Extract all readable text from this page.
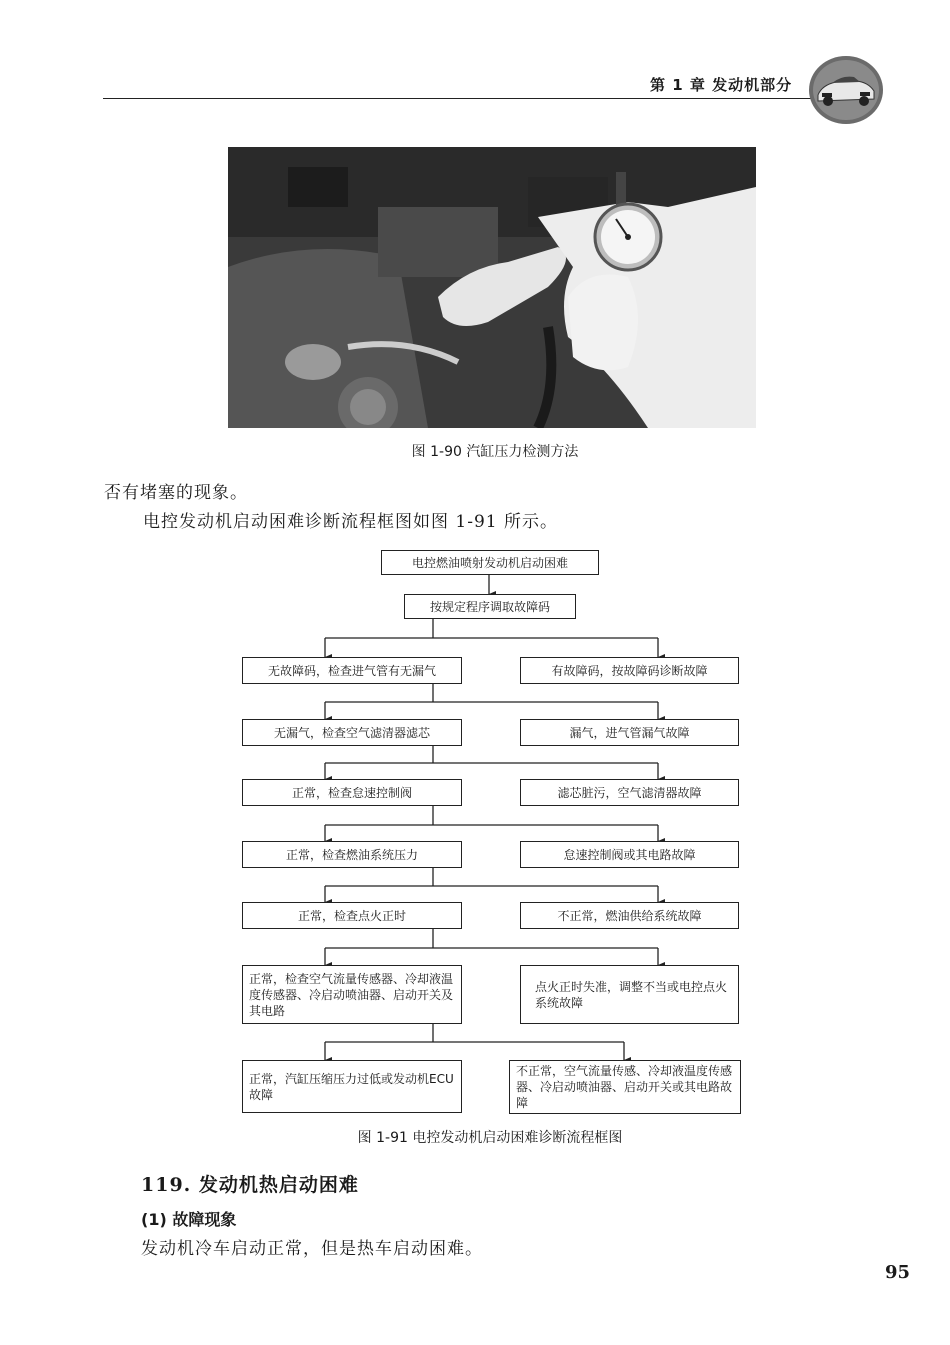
第 1 章 发动机部分
图 1-90 汽缸压力检测方法
否有堵塞的现象。
电控发动机启动困难诊断流程框图如图 1-91 所示。
电控燃油喷射发动机启动困难
按规定程序调取故障码
无故障码，检查进气管有无漏气	有故障码，按故障码诊断故障
无漏气，检查空气滤清器滤芯	漏气，进气管漏气故障
正常，检查怠速控制阀	滤芯脏污，空气滤清器故障
正常，检查燃油系统压力	怠速控制阀或其电路故障
正常，检查点火正时	不正常，燃油供给系统故障
正常，检查空气流量传感器、冷却液温度传感器、冷启动喷油器、启动开关及其电路
点火正时失准，调整不当或电控点火系统故障
正常，汽缸压缩压力过低或发动机ECU故障
不正常，空气流量传感、冷却液温度传感器、冷启动喷油器、启动开关或其电路故障
图 1-91 电控发动机启动困难诊断流程框图
119. 发动机热启动困难
(1) 故障现象
发动机冷车启动正常，但是热车启动困难。
95
